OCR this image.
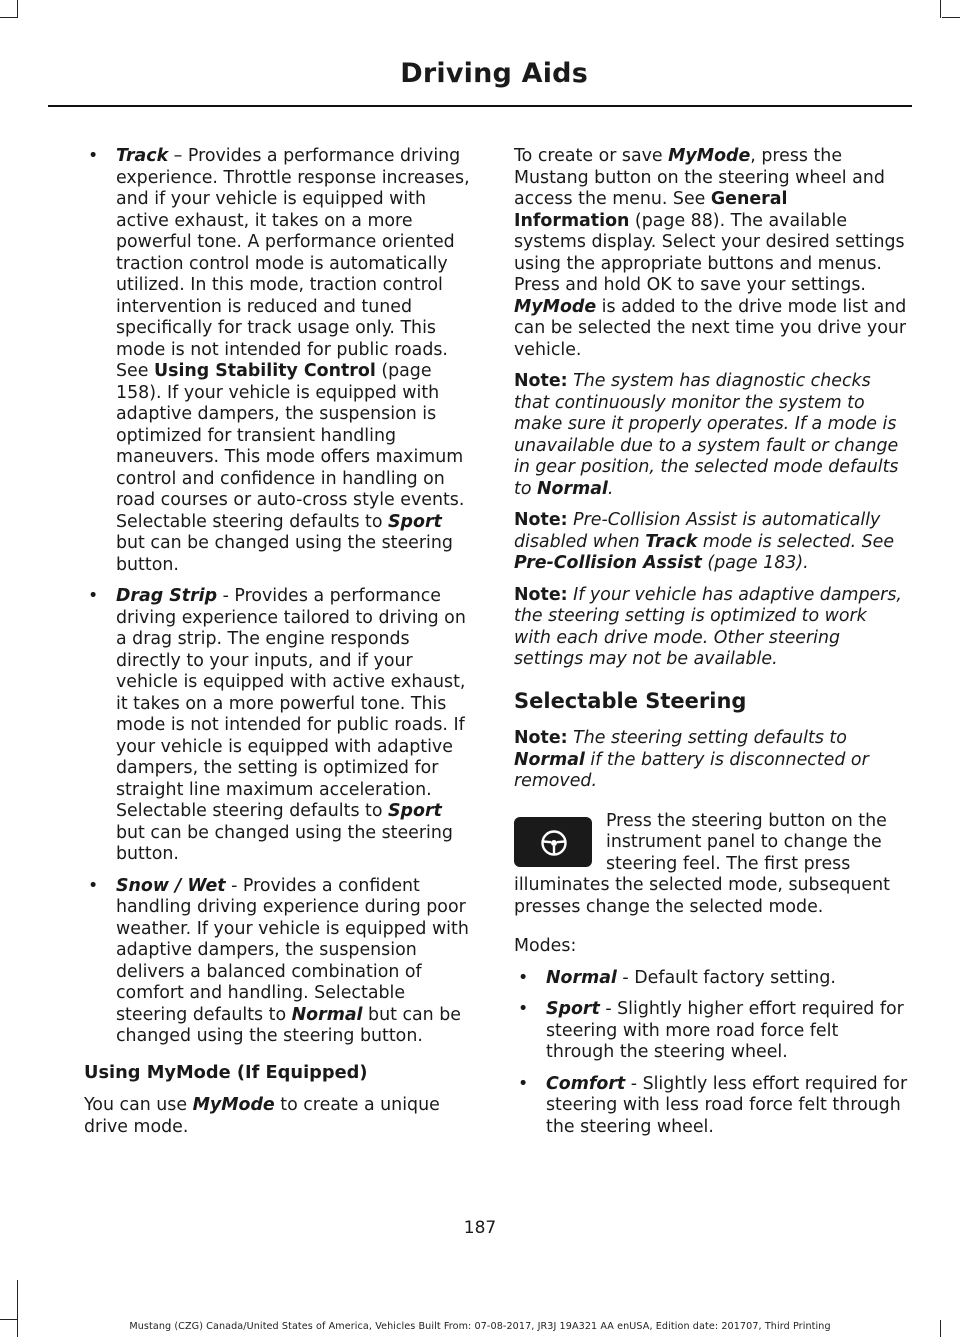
Driving Aids
• Track – Provides a performance driving experience. Throttle response increases, and if your vehicle is equipped with active exhaust, it takes on a more powerful tone. A performance oriented traction control mode is automatically utilized. In this mode, traction control intervention is reduced and tuned specifically for track usage only. This mode is not intended for public roads. See Using Stability Control (page 158). If your vehicle is equipped with adaptive dampers, the suspension is optimized for transient handling maneuvers. This mode offers maximum control and confidence in handling on road courses or auto-cross style events. Selectable steering defaults to Sport but can be changed using the steering button.
• Drag Strip - Provides a performance driving experience tailored to driving on a drag strip. The engine responds directly to your inputs, and if your vehicle is equipped with active exhaust, it takes on a more powerful tone. This mode is not intended for public roads. If your vehicle is equipped with adaptive dampers, the setting is optimized for straight line maximum acceleration. Selectable steering defaults to Sport but can be changed using the steering button.
• Snow / Wet - Provides a confident handling driving experience during poor weather. If your vehicle is equipped with adaptive dampers, the suspension delivers a balanced combination of comfort and handling. Selectable steering defaults to Normal but can be changed using the steering button.
Using MyMode (If Equipped)

You can use MyMode to create a unique drive mode.

To create or save MyMode, press the Mustang button on the steering wheel and access the menu. See General Information (page 88). The available systems display. Select your desired settings using the appropriate buttons and menus. Press and hold OK to save your settings. MyMode is added to the drive mode list and can be selected the next time you drive your vehicle.

Note: The system has diagnostic checks that continuously monitor the system to make sure it properly operates. If a mode is unavailable due to a system fault or change in gear position, the selected mode defaults to Normal.

Note: Pre-Collision Assist is automatically disabled when Track mode is selected. See Pre-Collision Assist (page 183).

Note: If your vehicle has adaptive dampers, the steering setting is optimized to work with each drive mode. Other steering settings may not be available.

Selectable Steering

Note: The steering setting defaults to Normal if the battery is disconnected or removed.

Press the steering button on the instrument panel to change the steering feel. The first press illuminates the selected mode, subsequent presses change the selected mode.

Modes:

• Normal - Default factory setting.
• Sport - Slightly higher effort required for steering with more road force felt through the steering wheel.
• Comfort - Slightly less effort required for steering with less road force felt through the steering wheel.
187
Mustang (CZG) Canada/United States of America, Vehicles Built From: 07-08-2017, JR3J 19A321 AA enUSA, Edition date: 201707, Third Printing
